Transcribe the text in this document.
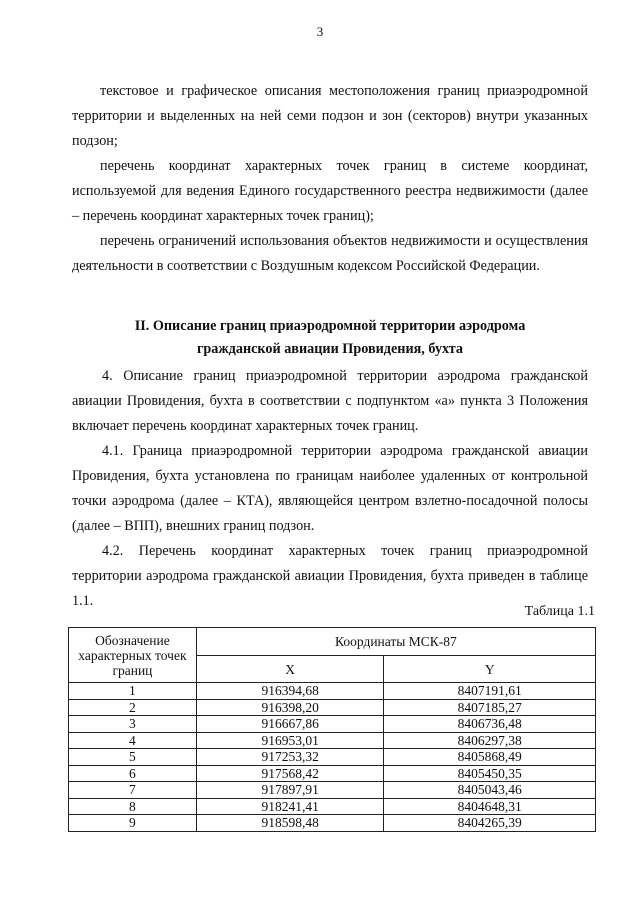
3

текстовое и графическое описания местоположения границ приаэродромной территории и выделенных на ней семи подзон и зон (секторов) внутри указанных подзон;

перечень координат характерных точек границ в системе координат, используемой для ведения Единого государственного реестра недвижимости (далее – перечень координат характерных точек границ);

перечень ограничений использования объектов недвижимости и осуществления деятельности в соответствии с Воздушным кодексом Российской Федерации.

II. Описание границ приаэродромной территории аэродрома
гражданской авиации Провидения, бухта

4. Описание границ приаэродромной территории аэродрома гражданской авиации Провидения, бухта в соответствии с подпунктом «а» пункта 3 Положения включает перечень координат характерных точек границ.

4.1. Граница приаэродромной территории аэродрома гражданской авиации Провидения, бухта установлена по границам наиболее удаленных от контрольной точки аэродрома (далее – КТА), являющейся центром взлетно-посадочной полосы (далее – ВПП), внешних границ подзон.

4.2. Перечень координат характерных точек границ приаэродромной территории аэродрома гражданской авиации Провидения, бухта приведен в таблице 1.1.

Таблица 1.1
Обозначение характерных точек границ	Координаты МСК-87	
	X	Y
1	916394,68	8407191,61
2	916398,20	8407185,27
3	916667,86	8406736,48
4	916953,01	8406297,38
5	917253,32	8405868,49
6	917568,42	8405450,35
7	917897,91	8405043,46
8	918241,41	8404648,31
9	918598,48	8404265,39
